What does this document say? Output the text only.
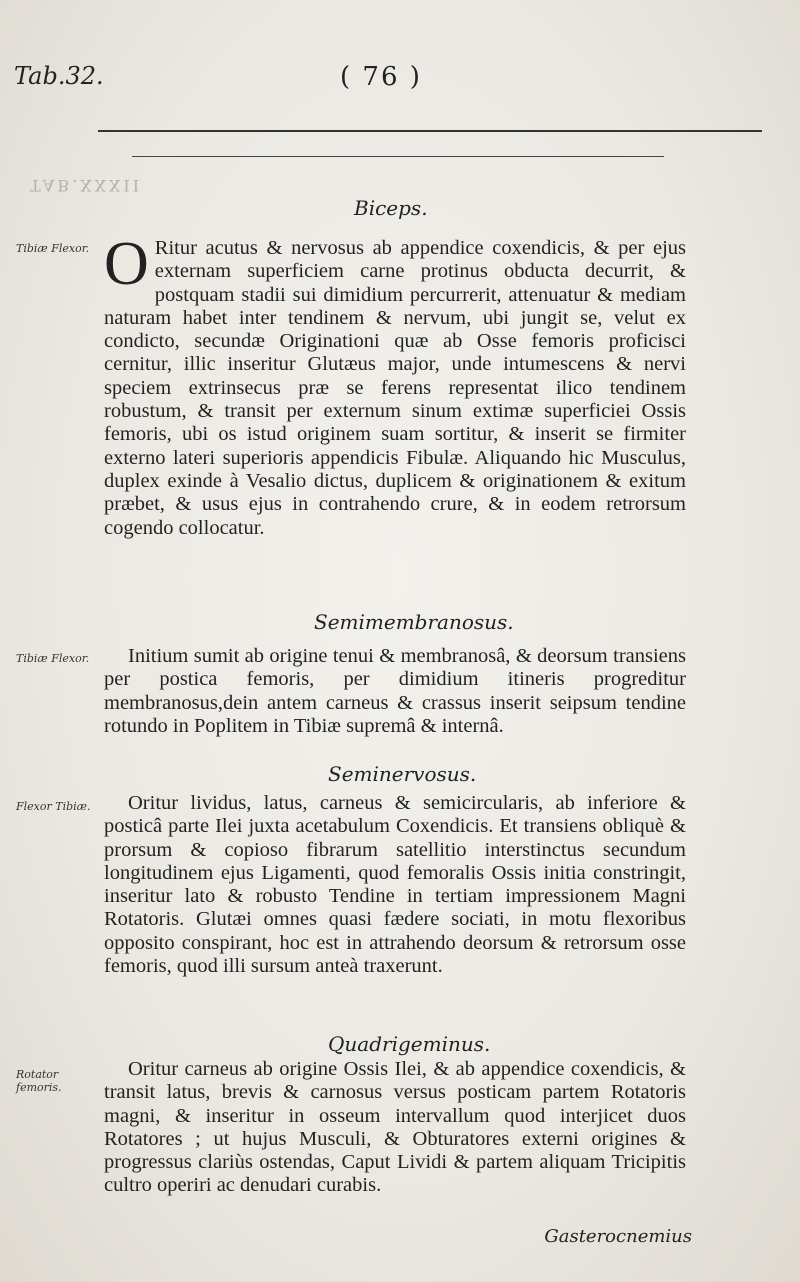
Tab.32.	( 76 )
TAB.XXXII
Biceps.
Tibiæ Flexor. O Ritur acutus & nervosus ab appendice coxendicis, & per ejus externam superficiem carne protinus obducta decurrit, & postquam stadii sui dimidium percurrerit, attenuatur & mediam naturam habet inter tendinem & nervum, ubi jungit se, velut ex condicto, secundæ Originationi quæ ab Osse femoris proficisci cernitur, illic inseritur Glutæus major, unde intumescens & nervi speciem extrinsecus præ se ferens representat ilico tendinem robustum, & transit per externum sinum extimæ superficiei Ossis femoris, ubi os istud originem suam sortitur, & inserit se firmiter externo lateri superioris appendicis Fibulæ. Aliquando hic Musculus, duplex exinde à Vesalio dictus, duplicem & originationem & exitum præbet, & usus ejus in contrahendo crure, & in eodem retrorsum cogendo collocatur.

Semimembranosus.
Tibiæ Flexor.	Initium sumit ab origine tenui & membranosâ, & deorsum transiens per postica femoris, per dimidium itineris progreditur membranosus,dein antem carneus & crassus inserit seipsum tendine rotundo in Poplitem in Tibiæ supremâ & internâ.

Seminervosus.
Flexor Tibiæ.	Oritur lividus, latus, carneus & semicircularis, ab inferiore & posticâ parte Ilei juxta acetabulum Coxendicis. Et transiens obliquè & prorsum & copioso fibrarum satellitio interstinctus secundum longitudinem ejus Ligamenti, quod femoralis Ossis initia constringit, inseritur lato & robusto Tendine in tertiam impressionem Magni Rotatoris. Glutæi omnes quasi fædere sociati, in motu flexoribus opposito conspirant, hoc est in attrahendo deorsum & retrorsum osse femoris, quod illi sursum anteà traxerunt.

Quadrigeminus.
Rotator femoris.

Oritur carneus ab origine Ossis Ilei, & ab appendice coxendicis, & transit latus, brevis & carnosus versus posticam partem Rotatoris magni, & inseritur in osseum intervallum quod interjicet duos Rotatores ; ut hujus Musculi, & Obturatores externi origines & progressus clariùs ostendas, Caput Lividi & partem aliquam Tricipitis cultro operiri ac denudari curabis.

Gasterocnemius
